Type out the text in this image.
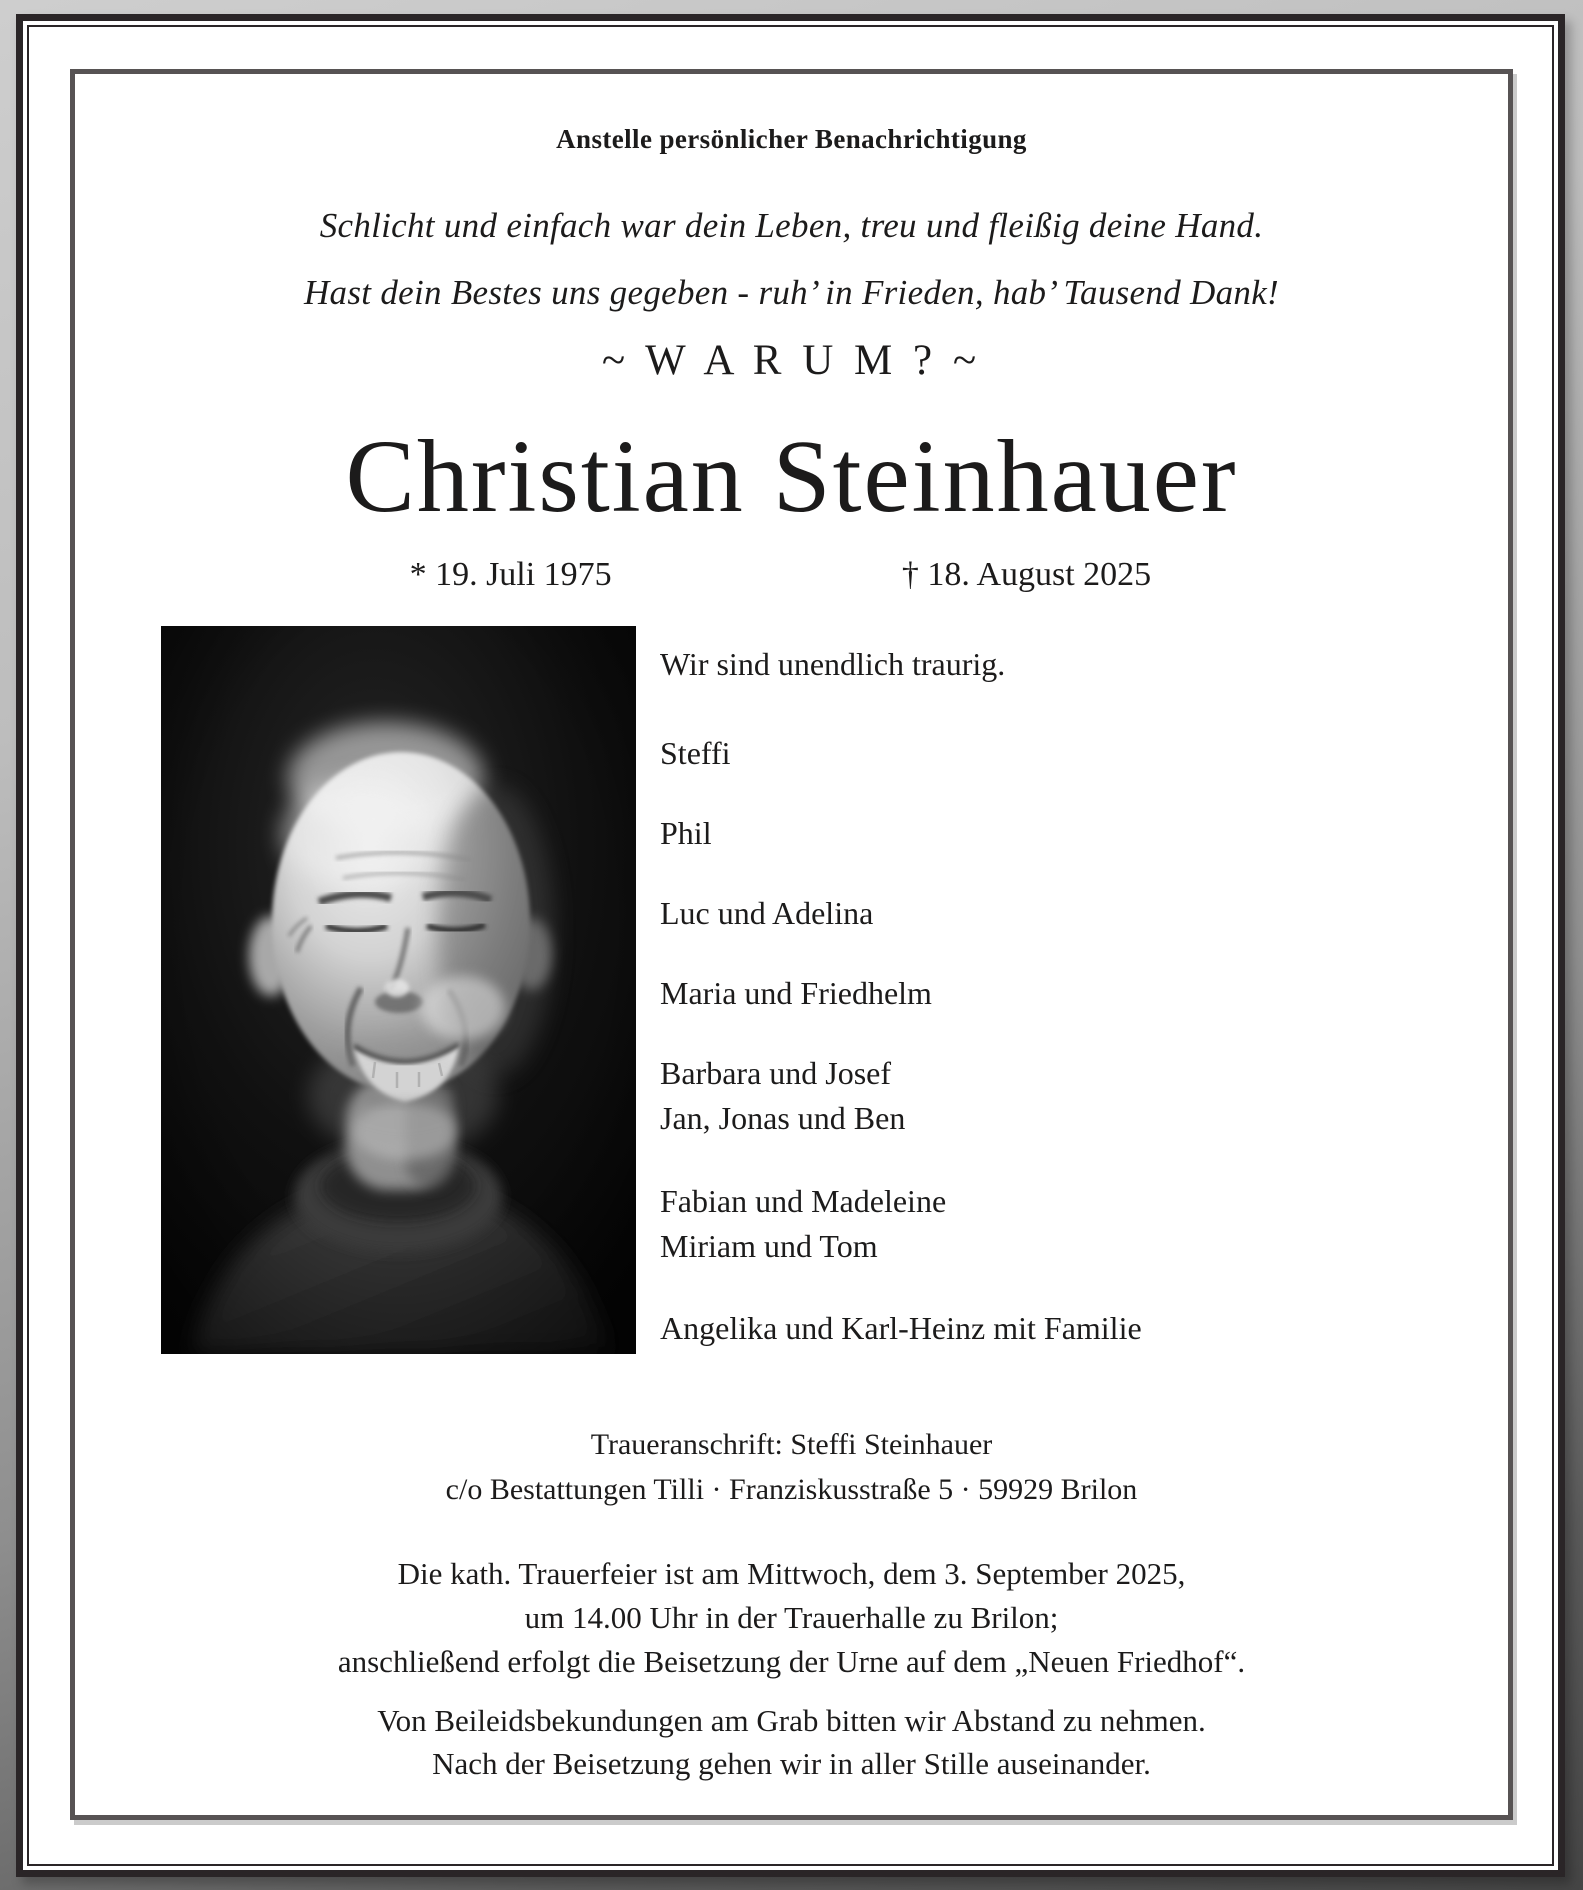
Anstelle persönlicher Benachrichtigung

Schlicht und einfach war dein Leben, treu und fleißig deine Hand.

Hast dein Bestes uns gegeben - ruh’ in Frieden, hab’ Tausend Dank!

~ W A R U M ? ~
Christian Steinhauer
* 19. Juli 1975	† 18. August 2025

Wir sind unendlich traurig.

Steffi

Phil

Luc und Adelina

Maria und Friedhelm

Barbara und Josef

Jan, Jonas und Ben

Fabian und Madeleine

Miriam und Tom

Angelika und Karl-Heinz mit Familie

Traueranschrift: Steffi Steinhauer

c/o Bestattungen Tilli · Franziskusstraße 5 · 59929 Brilon

Die kath. Trauerfeier ist am Mittwoch, dem 3. September 2025,

um 14.00 Uhr in der Trauerhalle zu Brilon;

anschließend erfolgt die Beisetzung der Urne auf dem „Neuen Friedhof“.

Von Beileidsbekundungen am Grab bitten wir Abstand zu nehmen.

Nach der Beisetzung gehen wir in aller Stille auseinander.
